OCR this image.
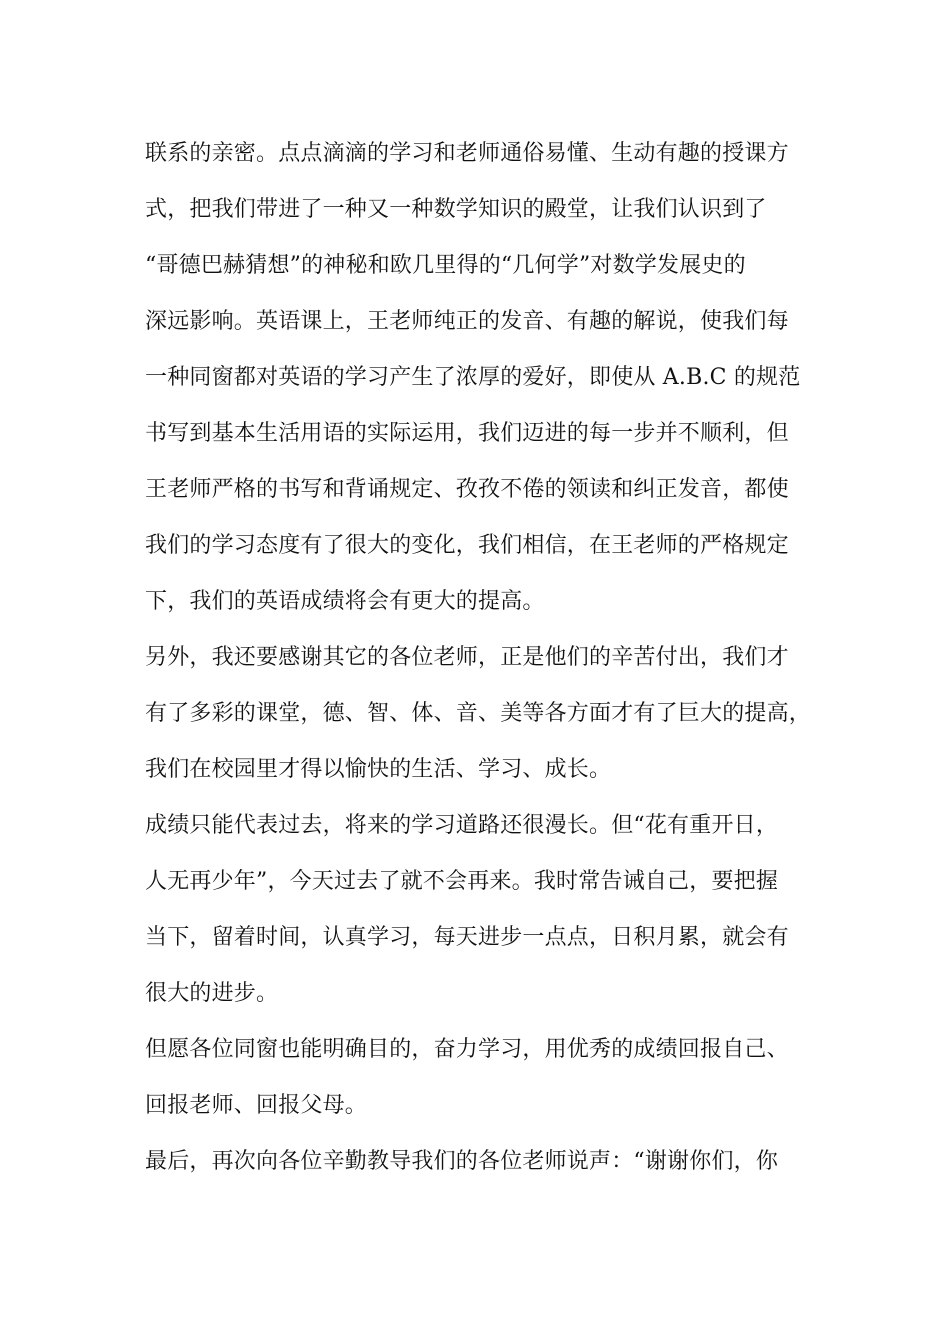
联系的亲密。点点滴滴的学习和老师通俗易懂、生动有趣的授课方
式，把我们带进了一种又一种数学知识的殿堂，让我们认识到了
“哥德巴赫猜想”的神秘和欧几里得的“几何学”对数学发展史的
深远影响。英语课上，王老师纯正的发音、有趣的解说，使我们每
一种同窗都对英语的学习产生了浓厚的爱好，即使从 A.B.C 的规范
书写到基本生活用语的实际运用，我们迈进的每一步并不顺利，但
王老师严格的书写和背诵规定、孜孜不倦的领读和纠正发音，都使
我们的学习态度有了很大的变化，我们相信，在王老师的严格规定
下，我们的英语成绩将会有更大的提高。
另外，我还要感谢其它的各位老师，正是他们的辛苦付出，我们才
有了多彩的课堂，德、智、体、音、美等各方面才有了巨大的提高，
我们在校园里才得以愉快的生活、学习、成长。
成绩只能代表过去，将来的学习道路还很漫长。但“花有重开日，
人无再少年”，今天过去了就不会再来。我时常告诫自己，要把握
当下，留着时间，认真学习，每天进步一点点，日积月累，就会有
很大的进步。
但愿各位同窗也能明确目的，奋力学习，用优秀的成绩回报自己、
回报老师、回报父母。
最后，再次向各位辛勤教导我们的各位老师说声：“谢谢你们，你
